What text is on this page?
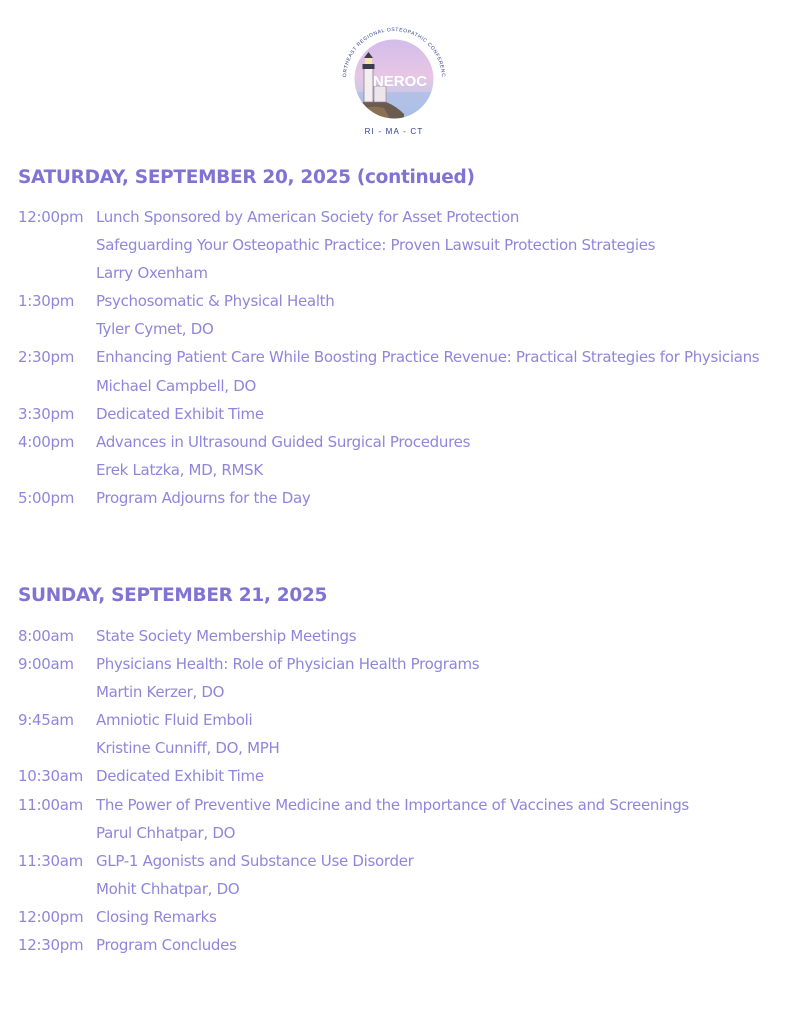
NEROC
ORTHEAST REGIONAL OSTEOPATHIC CONFERENC
RI - MA - CT
SATURDAY, SEPTEMBER 20, 2025 (continued)
12:00pm Lunch Sponsored by American Society for Asset Protection
Safeguarding Your Osteopathic Practice: Proven Lawsuit Protection Strategies
Larry Oxenham
1:30pm Psychosomatic & Physical Health
Tyler Cymet, DO
2:30pm Enhancing Patient Care While Boosting Practice Revenue: Practical Strategies for Physicians
Michael Campbell, DO
3:30pm Dedicated Exhibit Time
4:00pm Advances in Ultrasound Guided Surgical Procedures
Erek Latzka, MD, RMSK
5:00pm Program Adjourns for the Day
SUNDAY, SEPTEMBER 21, 2025
8:00am State Society Membership Meetings
9:00am Physicians Health: Role of Physician Health Programs
Martin Kerzer, DO
9:45am Amniotic Fluid Emboli
Kristine Cunniff, DO, MPH
10:30am Dedicated Exhibit Time
11:00am The Power of Preventive Medicine and the Importance of Vaccines and Screenings
Parul Chhatpar, DO
11:30am GLP-1 Agonists and Substance Use Disorder
Mohit Chhatpar, DO
12:00pm Closing Remarks
12:30pm Program Concludes
